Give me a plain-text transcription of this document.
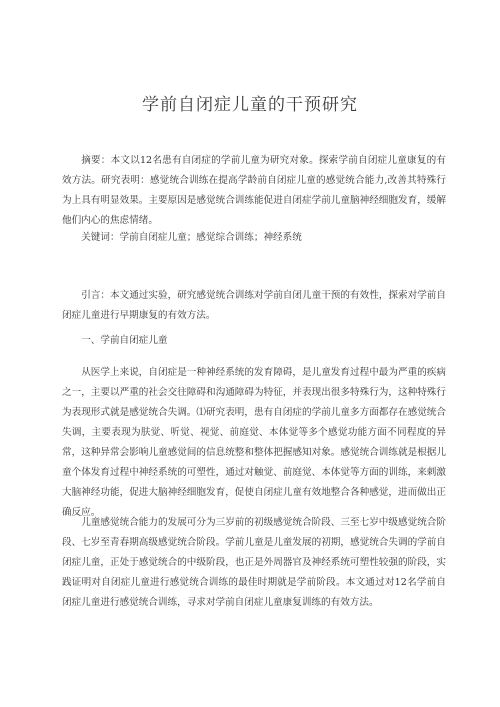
学前自闭症儿童的干预研究

摘要：本文以12名患有自闭症的学前儿童为研究对象。探索学前自闭症儿童康复的有效方法。研究表明：感觉统合训练在提高学龄前自闭症儿童的感觉统合能力,改善其特殊行为上具有明显效果。主要原因是感觉统合训练能促进自闭症学前儿童脑神经细胞发育，缓解他们内心的焦虑情绪。

关键词：学前自闭症儿童；感觉综合训练；神经系统

引言：本文通过实验，研究感觉统合训练对学前自闭儿童干预的有效性，探索对学前自闭症儿童进行早期康复的有效方法。

一、学前自闭症儿童

从医学上来说，自闭症是一种神经系统的发育障碍，是儿童发育过程中最为严重的疾病之一，主要以严重的社会交往障碍和沟通障碍为特征，并表现出很多特殊行为，这种特殊行为表现形式就是感觉统合失调。⑴研究表明，患有自闭症的学前儿童多方面都存在感觉统合失调，主要表现为肤觉、听觉、视觉、前庭觉、本体觉等多个感觉功能方面不同程度的异常，这种异常会影响儿童感觉间的信息统整和整体把握感知对象。感觉统合训练就是根据儿童个体发育过程中神经系统的可塑性，通过对触觉、前庭觉、本体觉等方面的训练，来刺激大脑神经功能，促进大脑神经细胞发育，促使自闭症儿童有效地整合各种感觉，进而做出正确反应。

儿童感觉统合能力的发展可分为三岁前的初级感觉统合阶段、三至七岁中级感觉统合阶段、七岁至青春期高级感觉统合阶段。学前儿童是儿童发展的初期，感觉统合失调的学前自闭症儿童，正处于感觉统合的中级阶段，也正是外周器官及神经系统可塑性较强的阶段，实践证明对自闭症儿童进行感觉统合训练的最佳时期就是学前阶段。本文通过对12名学前自闭症儿童进行感觉统合训练，寻求对学前自闭症儿童康复训练的有效方法。
